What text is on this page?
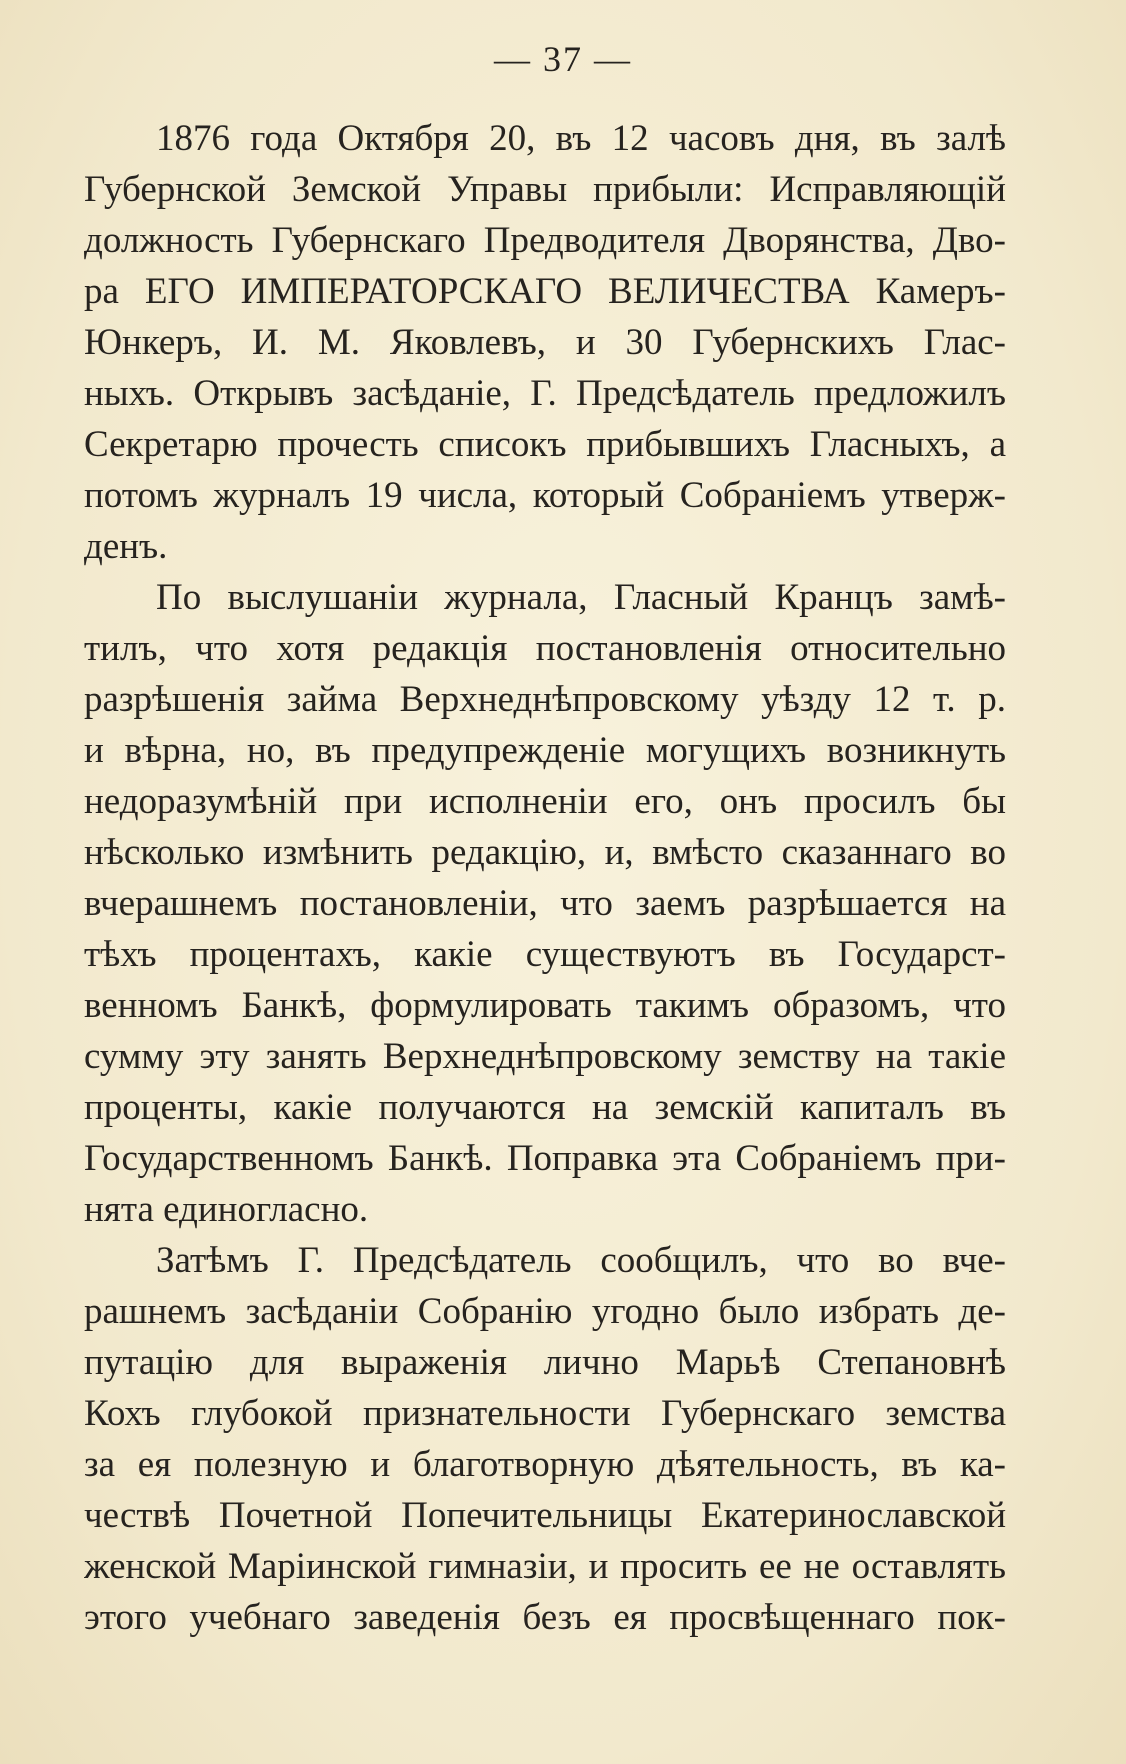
— 37 —
1876 года Октября 20, въ 12 часовъ дня, въ залѣ
Губернской Земской Управы прибыли: Исправляющій
должность Губернскаго Предводителя Дворянства, Дво-
ра ЕГО ИМПЕРАТОРСКАГО ВЕЛИЧЕСТВА Камеръ-
Юнкеръ, И. М. Яковлевъ, и 30 Губернскихъ Глас-
ныхъ. Открывъ засѣданіе, Г. Предсѣдатель предложилъ
Секретарю прочесть списокъ прибывшихъ Гласныхъ, а
потомъ журналъ 19 числа, который Собраніемъ утверж-
денъ.
По выслушаніи журнала, Гласный Кранцъ замѣ-
тилъ, что хотя редакція постановленія относительно
разрѣшенія займа Верхнеднѣпровскому уѣзду 12 т. р.
и вѣрна, но, въ предупрежденіе могущихъ возникнуть
недоразумѣній при исполненіи его, онъ просилъ бы
нѣсколько измѣнить редакцію, и, вмѣсто сказаннаго во
вчерашнемъ постановленіи, что заемъ разрѣшается на
тѣхъ процентахъ, какіе существуютъ въ Государст-
венномъ Банкѣ, формулировать такимъ образомъ, что
сумму эту занять Верхнеднѣпровскому земству на такіе
проценты, какіе получаются на земскій капиталъ въ
Государственномъ Банкѣ. Поправка эта Собраніемъ при-
нята единогласно.
Затѣмъ Г. Предсѣдатель сообщилъ, что во вче-
рашнемъ засѣданіи Собранію угодно было избрать де-
путацію для выраженія лично Марьѣ Степановнѣ
Кохъ глубокой признательности Губернскаго земства
за ея полезную и благотворную дѣятельность, въ ка-
чествѣ Почетной Попечительницы Екатеринославской
женской Маріинской гимназіи, и просить ее не оставлять
этого учебнаго заведенія безъ ея просвѣщеннаго пок-
